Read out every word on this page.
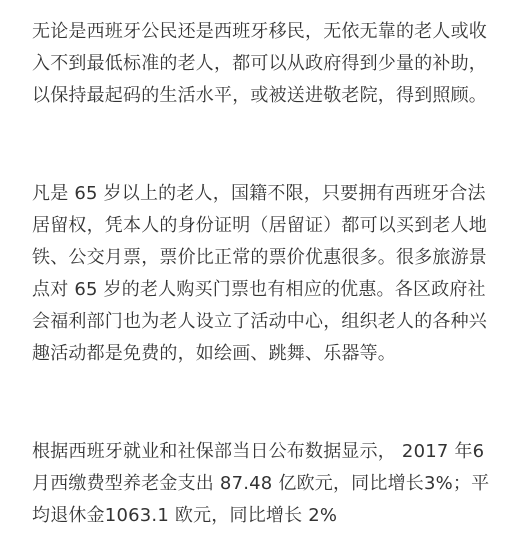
无论是西班牙公民还是西班牙移民，无依无靠的老人或收入不到最低标准的老人，都可以从政府得到少量的补助，以保持最起码的生活水平，或被送进敬老院，得到照顾。

凡是 65 岁以上的老人，国籍不限，只要拥有西班牙合法居留权，凭本人的身份证明（居留证）都可以买到老人地铁、公交月票，票价比正常的票价优惠很多。很多旅游景点对 65 岁的老人购买门票也有相应的优惠。各区政府社会福利部门也为老人设立了活动中心，组织老人的各种兴趣活动都是免费的，如绘画、跳舞、乐器等。

根据西班牙就业和社保部当日公布数据显示， 2017 年6月西缴费型养老金支出 87.48 亿欧元，同比增长3%；平均退休金1063.1 欧元，同比增长 2%
